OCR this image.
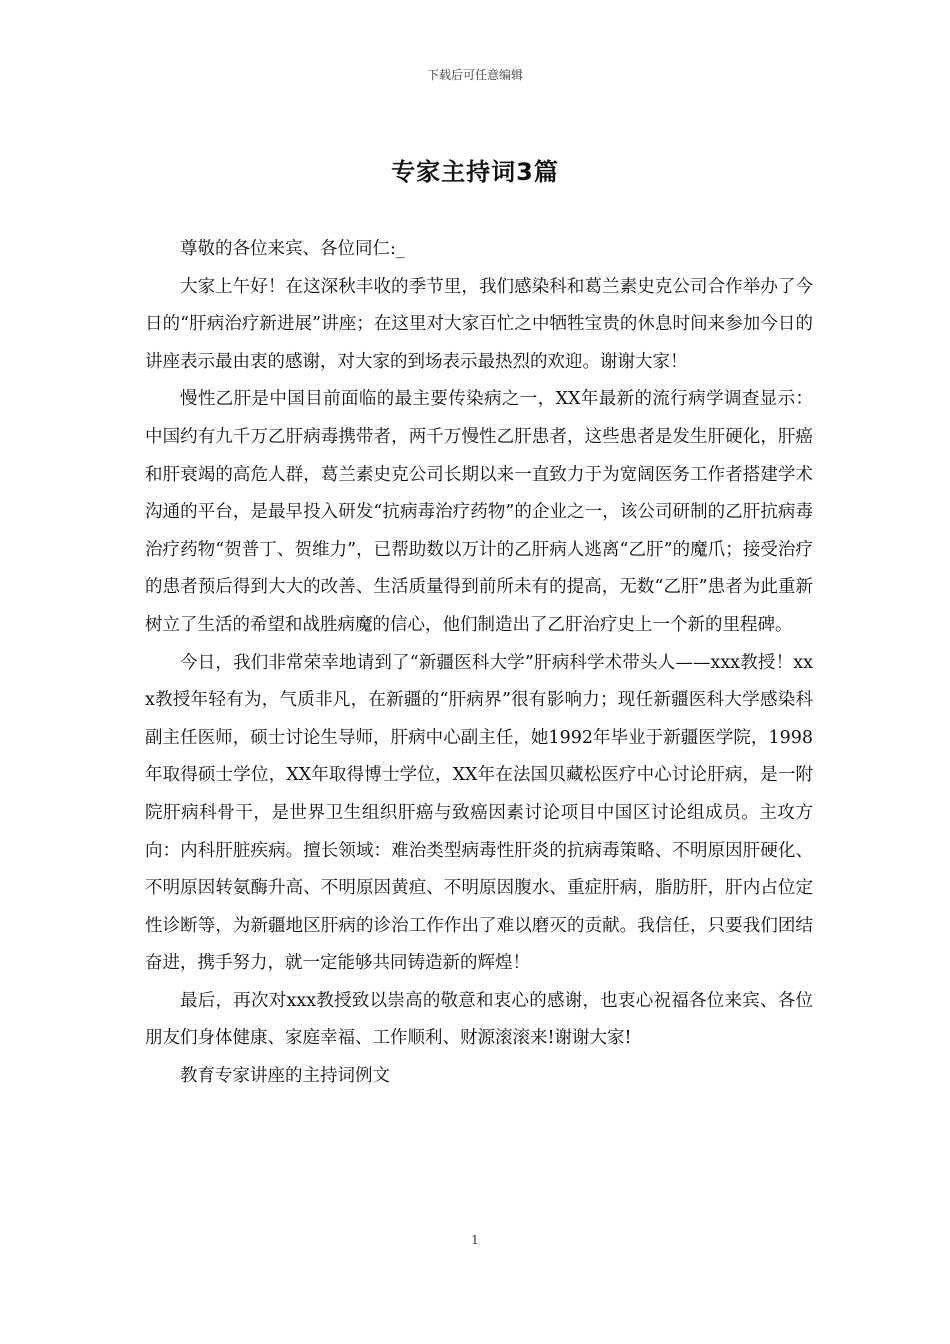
下载后可任意编辑
专家主持词3篇

尊敬的各位来宾、各位同仁:_

大家上午好！在这深秋丰收的季节里，我们感染科和葛兰素史克公司合作举办了今日的“肝病治疗新进展”讲座；在这里对大家百忙之中牺牲宝贵的休息时间来参加今日的讲座表示最由衷的感谢，对大家的到场表示最热烈的欢迎。谢谢大家！

慢性乙肝是中国目前面临的最主要传染病之一，XX年最新的流行病学调查显示：中国约有九千万乙肝病毒携带者，两千万慢性乙肝患者，这些患者是发生肝硬化，肝癌和肝衰竭的高危人群，葛兰素史克公司长期以来一直致力于为宽阔医务工作者搭建学术沟通的平台，是最早投入研发“抗病毒治疗药物”的企业之一，该公司研制的乙肝抗病毒治疗药物“贺普丁、贺维力”，已帮助数以万计的乙肝病人逃离“乙肝”的魔爪；接受治疗的患者预后得到大大的改善、生活质量得到前所未有的提高，无数“乙肝”患者为此重新树立了生活的希望和战胜病魔的信心，他们制造出了乙肝治疗史上一个新的里程碑。

今日，我们非常荣幸地请到了“新疆医科大学”肝病科学术带头人——xxx教授！xxx教授年轻有为，气质非凡，在新疆的“肝病界”很有影响力；现任新疆医科大学感染科副主任医师，硕士讨论生导师，肝病中心副主任，她1992年毕业于新疆医学院，1998年取得硕士学位，XX年取得博士学位，XX年在法国贝藏松医疗中心讨论肝病，是一附院肝病科骨干，是世界卫生组织肝癌与致癌因素讨论项目中国区讨论组成员。主攻方向：内科肝脏疾病。擅长领域：难治类型病毒性肝炎的抗病毒策略、不明原因肝硬化、不明原因转氨酶升高、不明原因黄疸、不明原因腹水、重症肝病，脂肪肝，肝内占位定性诊断等，为新疆地区肝病的诊治工作作出了难以磨灭的贡献。我信任，只要我们团结奋进，携手努力，就一定能够共同铸造新的辉煌！

最后，再次对xxx教授致以崇高的敬意和衷心的感谢，也衷心祝福各位来宾、各位朋友们身体健康、家庭幸福、工作顺利、财源滚滚来!谢谢大家!

教育专家讲座的主持词例文

1
